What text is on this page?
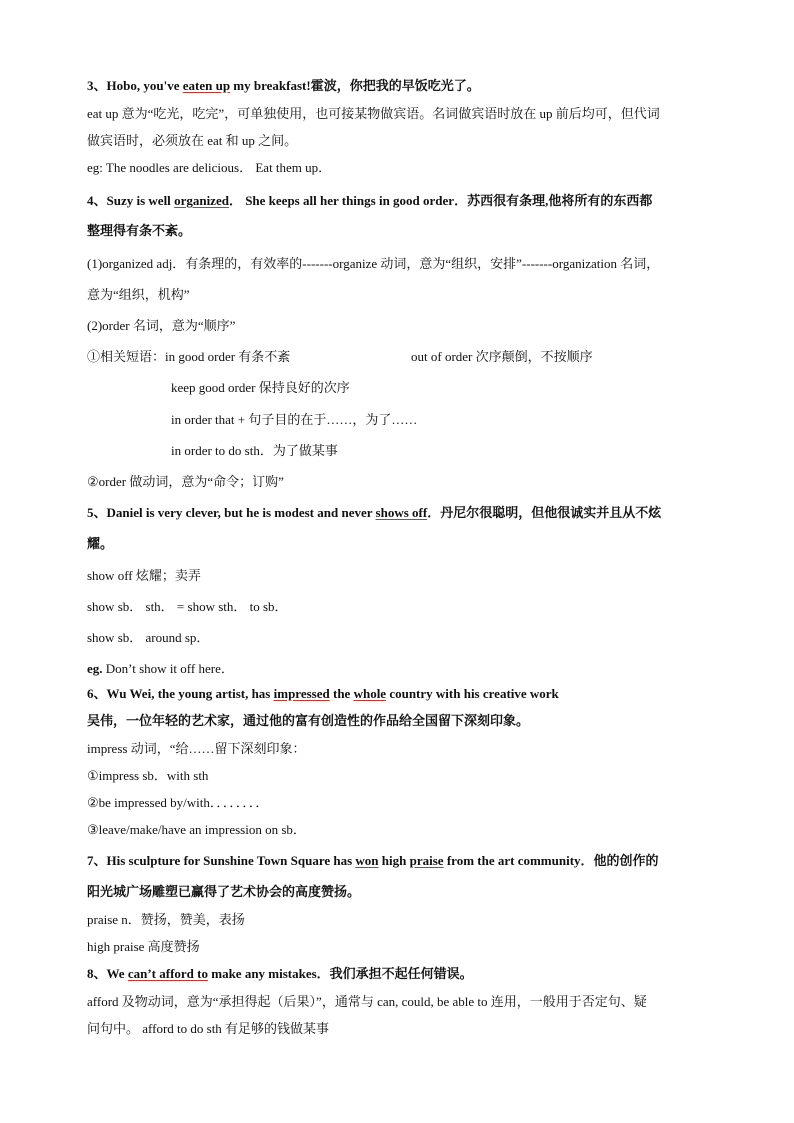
3、Hobo, you've eaten up my breakfast!霍波，你把我的早饭吃光了。
eat up 意为“吃光，吃完”，可单独使用，也可接某物做宾语。名词做宾语时放在 up 前后均可，但代词
做宾语时，必须放在 eat 和 up 之间。
eg: The noodles are delicious． Eat them up．
4、Suzy is well organized． She keeps all her things in good order．苏西很有条理,他将所有的东西都
整理得有条不紊。
(1)organized adj．有条理的，有效率的-------organize 动词，意为“组织，安排”-------organization 名词，
意为“组织，机构”
(2)order 名词，意为“顺序”
①相关短语：in good order 有条不紊	out of order 次序颠倒，不按顺序
keep good order 保持良好的次序
in order that + 句子目的在于……，为了……
in order to do sth．为了做某事
②order 做动词，意为“命令；订购”
5、Daniel is very clever, but he is modest and never shows off．丹尼尔很聪明，但他很诚实并且从不炫
耀。
show off 炫耀；卖弄
show sb． sth． = show sth． to sb．
show sb． around sp．
eg. Don’t show it off here．
6、Wu Wei, the young artist, has impressed the whole country with his creative work
吴伟，一位年轻的艺术家，通过他的富有创造性的作品给全国留下深刻印象。
impress 动词，“给……留下深刻印象：
①impress sb．with sth
②be impressed by/with．．．．．．．．
③leave/make/have an impression on sb．
7、His sculpture for Sunshine Town Square has won high praise from the art community．他的创作的
阳光城广场雕塑已赢得了艺术协会的高度赞扬。
praise n．赞扬，赞美，表扬
high praise 高度赞扬
8、We can’t afford to make any mistakes．我们承担不起任何错误。
afford 及物动词，意为“承担得起（后果）”，通常与 can, could, be able to 连用，一般用于否定句、疑
问句中。 afford to do sth 有足够的钱做某事
